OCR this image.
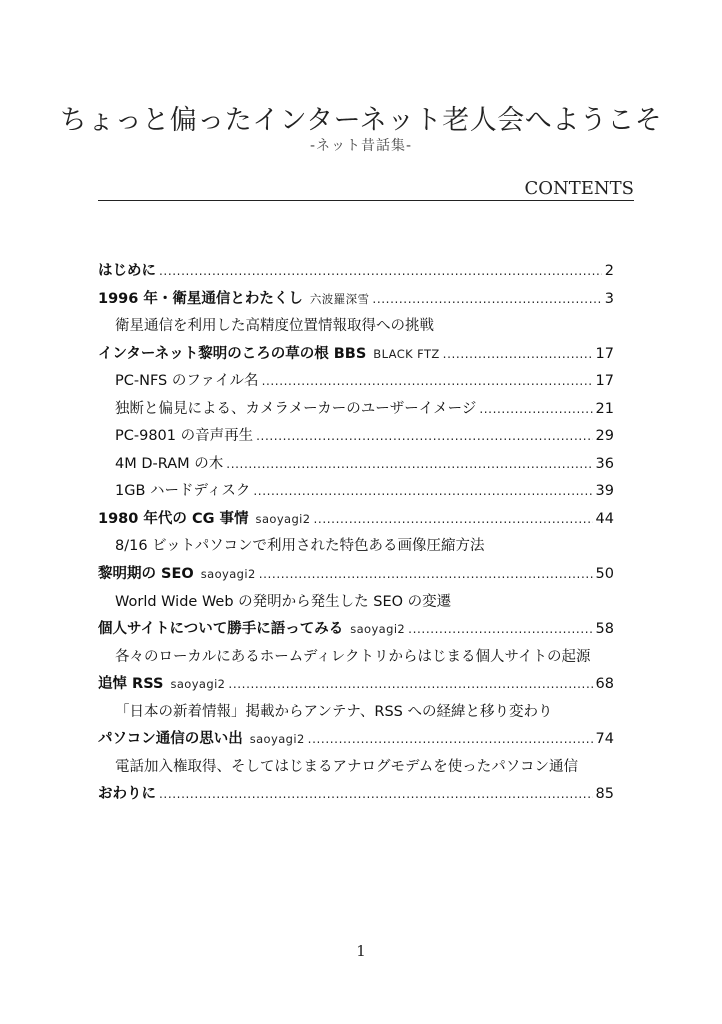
ちょっと偏ったインターネット老人会へようこそ
-ネット昔話集-
CONTENTS
はじめに .....	2
1996 年・衛星通信とわたくし 六波羅深雪 .....	3
衛星通信を利用した高精度位置情報取得への挑戦
インターネット黎明のころの草の根 BBS BLACK FTZ .....	17
PC-NFS のファイル名 .....	17
独断と偏見による、カメラメーカーのユーザーイメージ .....	21
PC-9801 の音声再生 .....	29
4M D-RAM の木 .....	36
1GB ハードディスク .....	39
1980 年代の CG 事情 saoyagi2 .....	44
8/16 ビットパソコンで利用された特色ある画像圧縮方法
黎明期の SEO saoyagi2 .....	50
World Wide Web の発明から発生した SEO の変遷
個人サイトについて勝手に語ってみる saoyagi2 .....	58
各々のローカルにあるホームディレクトリからはじまる個人サイトの起源
追悼 RSS saoyagi2 .....	68
「日本の新着情報」掲載からアンテナ、RSS への経緯と移り変わり
パソコン通信の思い出 saoyagi2 .....	74
電話加入権取得、そしてはじまるアナログモデムを使ったパソコン通信
おわりに .....	85
1
